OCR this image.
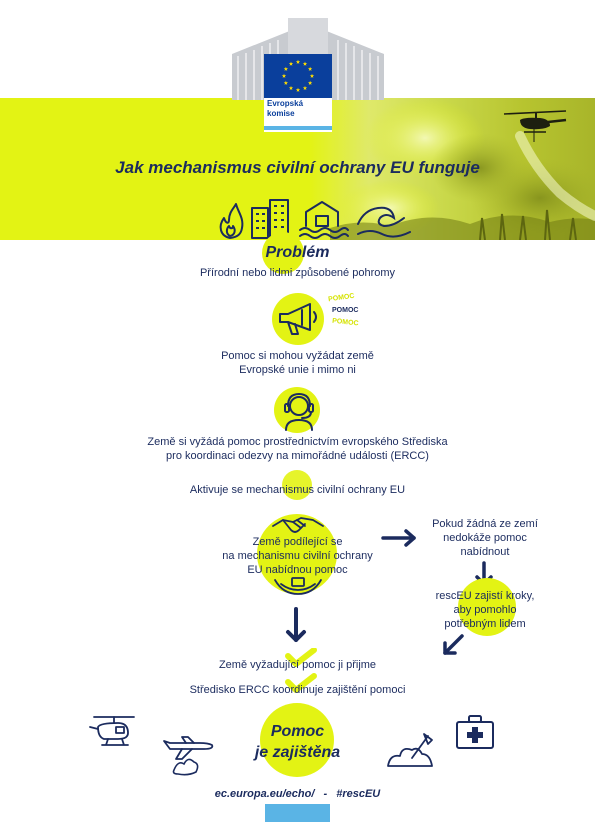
Evropská
komise
Jak mechanismus civilní ochrany EU funguje
Problém
Přírodní nebo lidmi způsobené pohromy
POMOC
POMOC
POMOC
Pomoc si mohou vyžádat země
Evropské unie i mimo ni
Země si vyžádá pomoc prostřednictvím evropského Střediska
pro koordinaci odezvy na mimořádné události (ERCC)
Aktivuje se mechanismus civilní ochrany EU
Země podílející se
na mechanismu civilní ochrany
EU nabídnou pomoc
Pokud žádná ze zemí
nedokáže pomoc
nabídnout
rescEU zajistí kroky,
aby pomohlo
potřebným lidem
Země vyžadující pomoc ji přijme
Středisko ERCC koordinuje zajištění pomoci
Pomoc
je zajištěna
ec.europa.eu/echo/ - #rescEU
